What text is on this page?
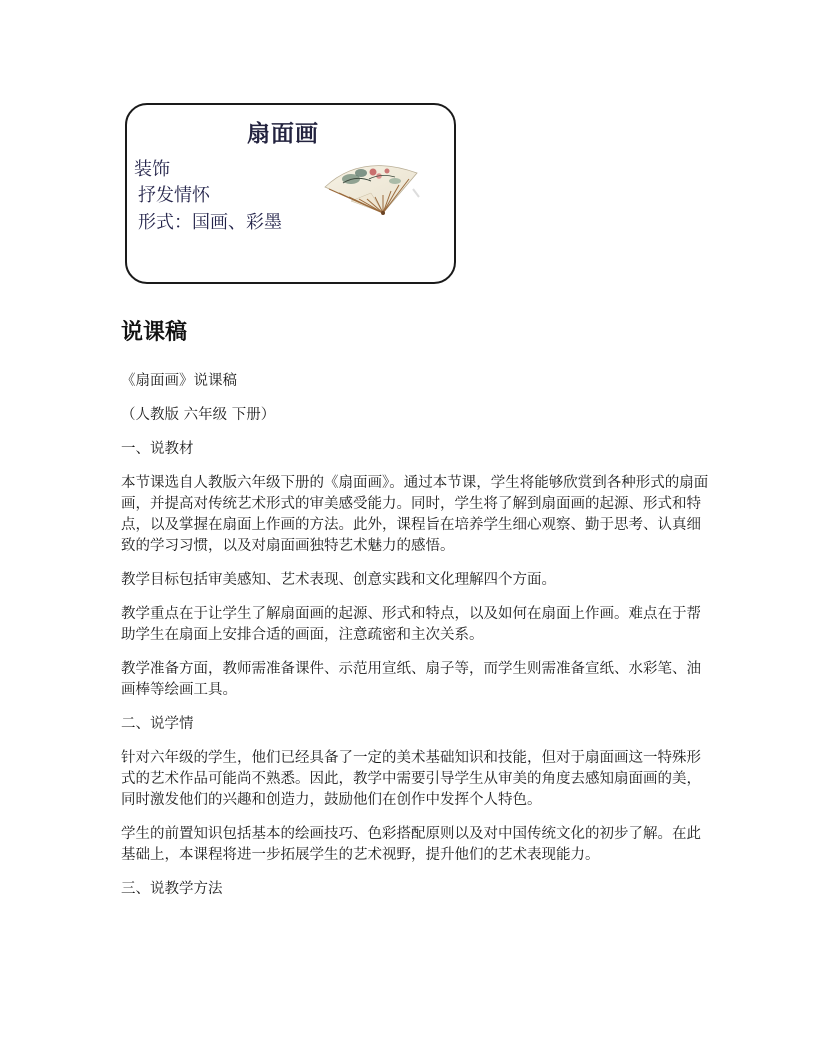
扇面画
装饰
抒发情怀
形式：国画、彩墨
说课稿

《扇面画》说课稿

（人教版 六年级 下册）

一、说教材

本节课选自人教版六年级下册的《扇面画》。通过本节课，学生将能够欣赏到各种形式的扇面画，并提高对传统艺术形式的审美感受能力。同时，学生将了解到扇面画的起源、形式和特点，以及掌握在扇面上作画的方法。此外，课程旨在培养学生细心观察、勤于思考、认真细致的学习习惯，以及对扇面画独特艺术魅力的感悟。

教学目标包括审美感知、艺术表现、创意实践和文化理解四个方面。

教学重点在于让学生了解扇面画的起源、形式和特点，以及如何在扇面上作画。难点在于帮助学生在扇面上安排合适的画面，注意疏密和主次关系。

教学准备方面，教师需准备课件、示范用宣纸、扇子等，而学生则需准备宣纸、水彩笔、油画棒等绘画工具。

二、说学情

针对六年级的学生，他们已经具备了一定的美术基础知识和技能，但对于扇面画这一特殊形式的艺术作品可能尚不熟悉。因此，教学中需要引导学生从审美的角度去感知扇面画的美，同时激发他们的兴趣和创造力，鼓励他们在创作中发挥个人特色。

学生的前置知识包括基本的绘画技巧、色彩搭配原则以及对中国传统文化的初步了解。在此基础上，本课程将进一步拓展学生的艺术视野，提升他们的艺术表现能力。

三、说教学方法
